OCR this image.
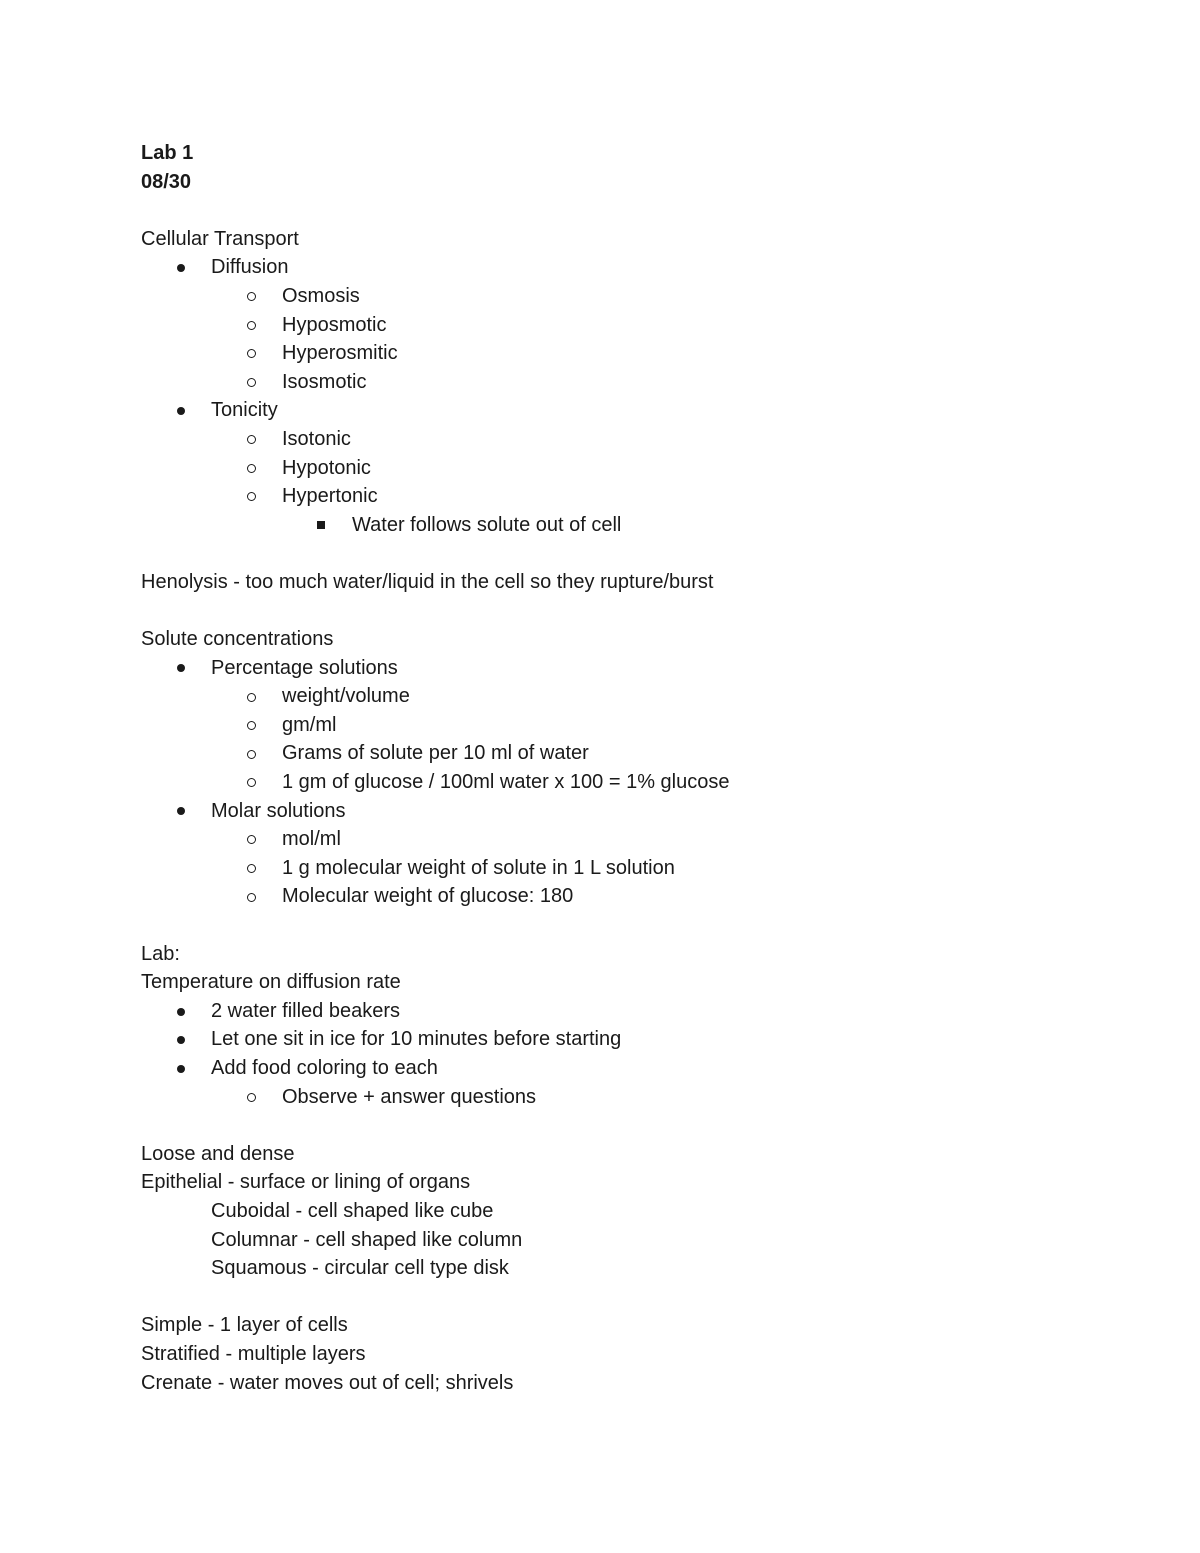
Lab 1
08/30
Cellular Transport
Diffusion
Osmosis
Hyposmotic
Hyperosmitic
Isosmotic
Tonicity
Isotonic
Hypotonic
Hypertonic
Water follows solute out of cell
Henolysis - too much water/liquid in the cell so they rupture/burst
Solute concentrations
Percentage solutions
weight/volume
gm/ml
Grams of solute per 10 ml of water
1 gm of glucose / 100ml water x 100 = 1% glucose
Molar solutions
mol/ml
1 g molecular weight of solute in 1 L solution
Molecular weight of glucose: 180
Lab:
Temperature on diffusion rate
2 water filled beakers
Let one sit in ice for 10 minutes before starting
Add food coloring to each
Observe + answer questions
Loose and dense
Epithelial - surface or lining of organs
Cuboidal - cell shaped like cube
Columnar - cell shaped like column
Squamous - circular cell type disk
Simple - 1 layer of cells
Stratified - multiple layers
Crenate - water moves out of cell; shrivels
